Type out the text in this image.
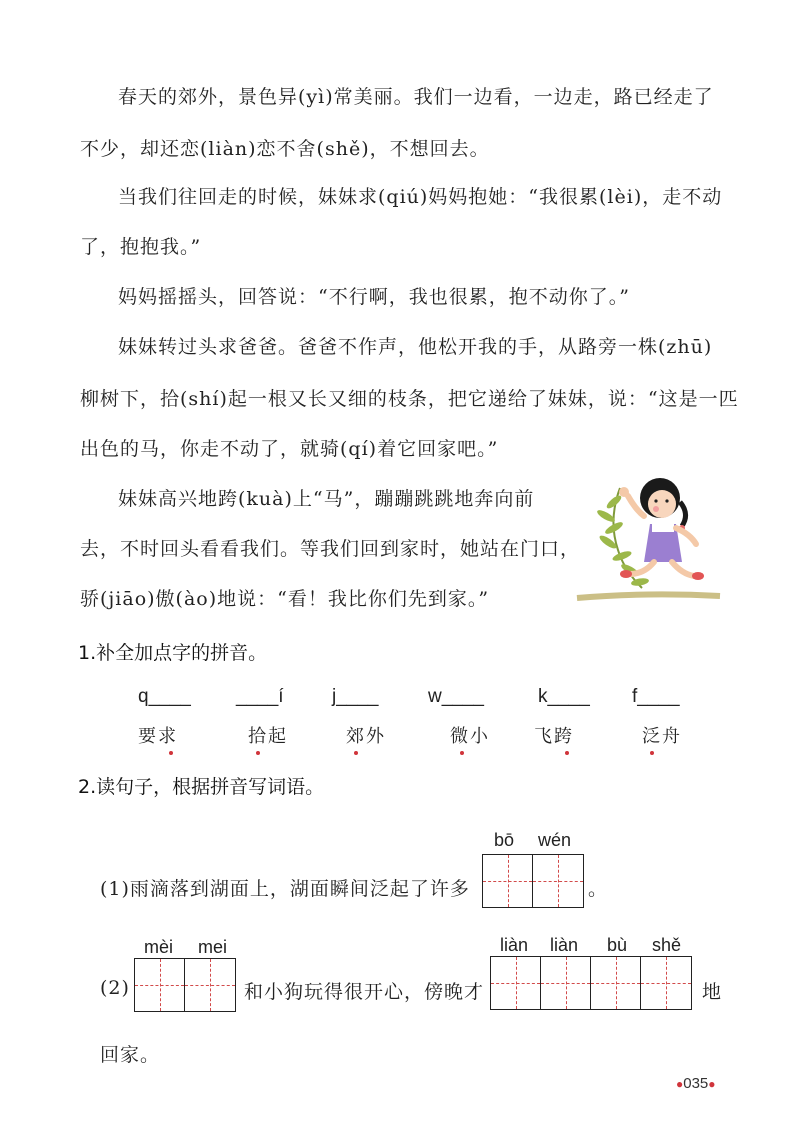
春天的郊外，景色异(yì)常美丽。我们一边看，一边走，路已经走了
不少，却还恋(liàn)恋不舍(shě)，不想回去。
当我们往回走的时候，妹妹求(qiú)妈妈抱她：“我很累(lèi)，走不动
了，抱抱我。”
妈妈摇摇头，回答说：“不行啊，我也很累，抱不动你了。”
妹妹转过头求爸爸。爸爸不作声，他松开我的手，从路旁一株(zhū)
柳树下，拾(shí)起一根又长又细的枝条，把它递给了妹妹，说：“这是一匹
出色的马，你走不动了，就骑(qí)着它回家吧。”
妹妹高兴地跨(kuà)上“马”，蹦蹦跳跳地奔向前
去，不时回头看看我们。等我们回到家时，她站在门口，
骄(jiāo)傲(ào)地说：“看！我比你们先到家。”
1.补全加点字的拼音。
q____ ____í	j____	w____	k____ f____
要求	拾起	郊外	微小 飞跨	泛舟
2.读句子，根据拼音写词语。
bō wén
(1)雨滴落到湖面上，湖面瞬间泛起了许多	。
mèi mei	liàn liàn bù shě
(2)	和小狗玩得很开心，傍晚才	地
回家。
●035●
